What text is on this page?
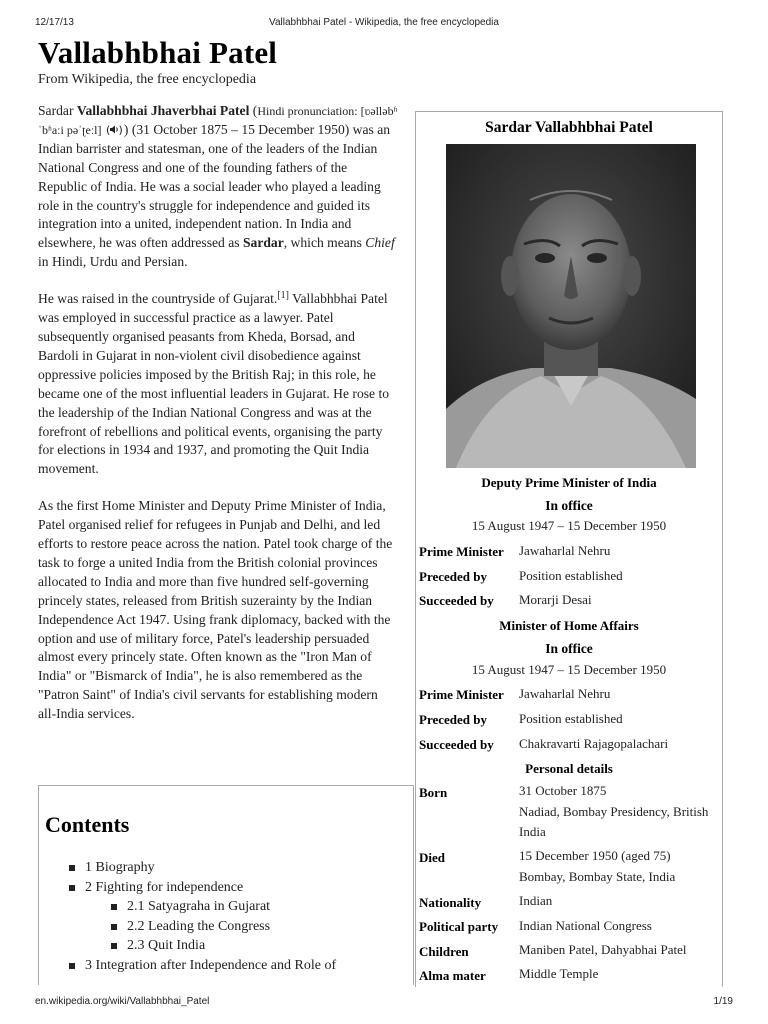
12/17/13	Vallabhbhai Patel - Wikipedia, the free encyclopedia
Vallabhbhai Patel
From Wikipedia, the free encyclopedia

Sardar Vallabhbhai Jhaverbhai Patel (Hindi pronunciation: [ʋəlləbʱ ˈbʱaːi pəˈʈeːl] ( ) ) (31 October 1875 – 15 December 1950) was an Indian barrister and statesman, one of the leaders of the Indian National Congress and one of the founding fathers of the Republic of India. He was a social leader who played a leading role in the country's struggle for independence and guided its integration into a united, independent nation. In India and elsewhere, he was often addressed as Sardar, which means Chief in Hindi, Urdu and Persian.

He was raised in the countryside of Gujarat.[1] Vallabhbhai Patel was employed in successful practice as a lawyer. Patel subsequently organised peasants from Kheda, Borsad, and Bardoli in Gujarat in non-violent civil disobedience against oppressive policies imposed by the British Raj; in this role, he became one of the most influential leaders in Gujarat. He rose to the leadership of the Indian National Congress and was at the forefront of rebellions and political events, organising the party for elections in 1934 and 1937, and promoting the Quit India movement.

As the first Home Minister and Deputy Prime Minister of India, Patel organised relief for refugees in Punjab and Delhi, and led efforts to restore peace across the nation. Patel took charge of the task to forge a united India from the British colonial provinces allocated to India and more than five hundred self-governing princely states, released from British suzerainty by the Indian Independence Act 1947. Using frank diplomacy, backed with the option and use of military force, Patel's leadership persuaded almost every princely state. Often known as the "Iron Man of India" or "Bismarck of India", he is also remembered as the "Patron Saint" of India's civil servants for establishing modern all-India services.

Contents
1 Biography
2 Fighting for independence
2.1 Satyagraha in Gujarat
2.2 Leading the Congress
2.3 Quit India
3 Integration after Independence and Role of
Sardar Vallabhbhai Patel
Deputy Prime Minister of India
In office
15 August 1947 – 15 December 1950
Prime Minister Jawaharlal Nehru
Preceded by Position established
Succeeded by Morarji Desai
Minister of Home Affairs
In office
15 August 1947 – 15 December 1950
Prime Minister Jawaharlal Nehru
Preceded by Position established
Succeeded by Chakravarti Rajagopalachari
Personal details
Born	31 October 1875
Nadiad, Bombay Presidency, British India
Died	15 December 1950 (aged 75)
Bombay, Bombay State, India
Nationality	Indian
Political party Indian National Congress
Children	Maniben Patel, Dahyabhai Patel
Alma mater	Middle Temple
en.wikipedia.org/wiki/Vallabhbhai_Patel	1/19
